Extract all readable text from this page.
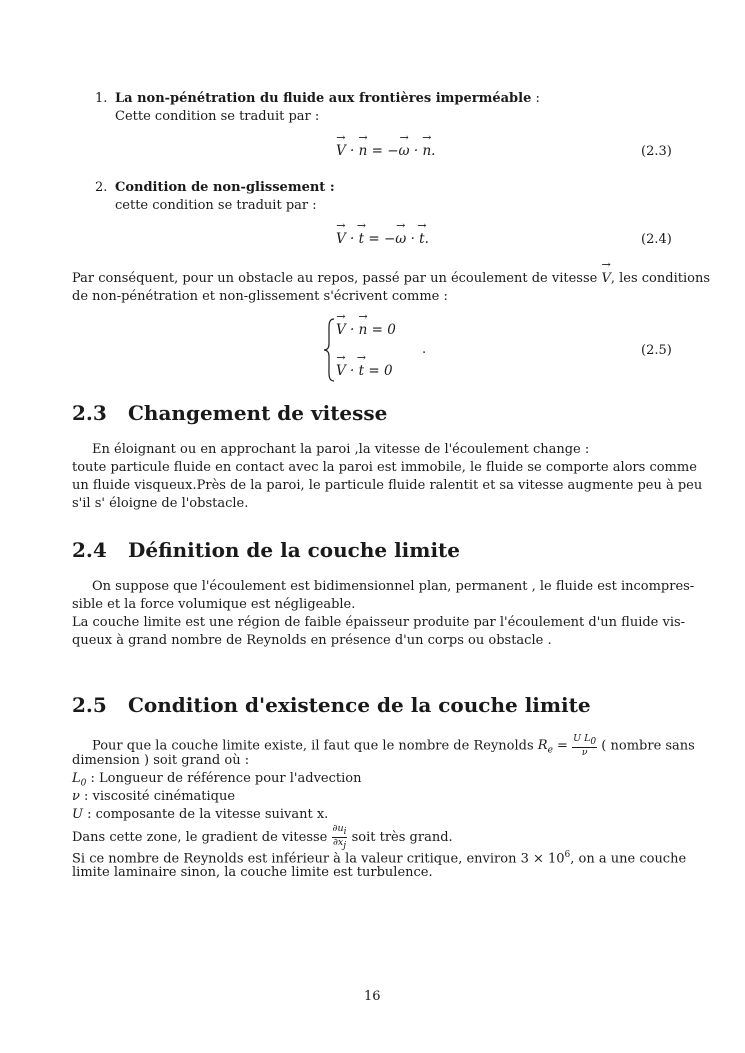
1. La non-pénétration du fluide aux frontières imperméable :
Cette condition se traduit par :
→ V · → n = −→ ω · → n.	(2.3)
2. Condition de non-glissement :
cette condition se traduit par :
→ V · → t = −→ ω · → t.	(2.4)
Par conséquent, pour un obstacle au repos, passé par un écoulement de vitesse → V, les conditions
de non-pénétration et non-glissement s'écrivent comme :
→ V · → n = 0
→ V · → t = 0
.	(2.5)
2.3 Changement de vitesse
En éloignant ou en approchant la paroi ,la vitesse de l'écoulement change :
toute particule fluide en contact avec la paroi est immobile, le fluide se comporte alors comme
un fluide visqueux.Près de la paroi, le particule fluide ralentit et sa vitesse augmente peu à peu
s'il s' éloigne de l'obstacle.
2.4 Définition de la couche limite
On suppose que l'écoulement est bidimensionnel plan, permanent , le fluide est incompres-
sible et la force volumique est négligeable.
La couche limite est une région de faible épaisseur produite par l'écoulement d'un fluide vis-
queux à grand nombre de Reynolds en présence d'un corps ou obstacle .
2.5 Condition d'existence de la couche limite
Pour que la couche limite existe, il faut que le nombre de Reynolds $R_e = \frac{U L_0}{\nu}$ ( nombre sans
dimension ) soit grand où :
$L_0$ : Longueur de référence pour l'advection
ν : viscosité cinématique
U : composante de la vitesse suivant x.
Dans cette zone, le gradient de vitesse $\frac{\partial u_i}{\partial x_j}$ soit très grand.
Si ce nombre de Reynolds est inférieur à la valeur critique, environ $3 \times 10^6$, on a une couche
limite laminaire sinon, la couche limite est turbulence.
16
